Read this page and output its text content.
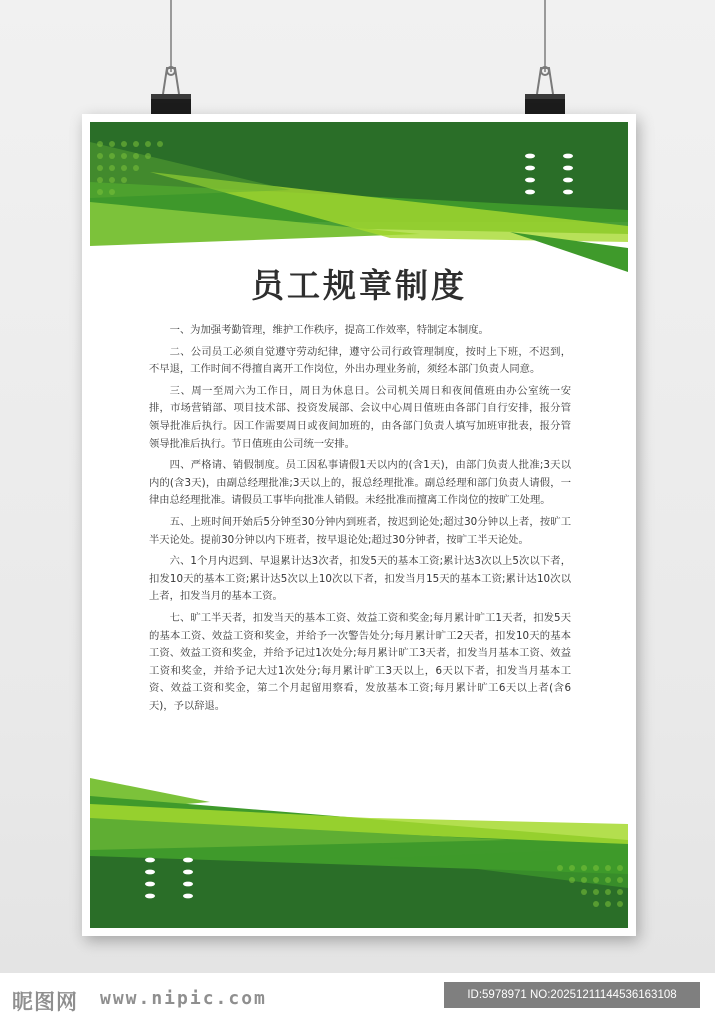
员工规章制度

一、为加强考勤管理，维护工作秩序，提高工作效率，特制定本制度。

二、公司员工必须自觉遵守劳动纪律，遵守公司行政管理制度，按时上下班，不迟到，不早退，工作时间不得擅自离开工作岗位，外出办理业务前，须经本部门负责人同意。

三、周一至周六为工作日，周日为休息日。公司机关周日和夜间值班由办公室统一安排，市场营销部、项目技术部、投资发展部、会议中心周日值班由各部门自行安排，报分管领导批准后执行。因工作需要周日或夜间加班的，由各部门负责人填写加班审批表，报分管领导批准后执行。节日值班由公司统一安排。

四、严格请、销假制度。员工因私事请假1天以内的(含1天)，由部门负责人批准;3天以内的(含3天)，由副总经理批准;3天以上的，报总经理批准。副总经理和部门负责人请假，一律由总经理批准。请假员工事毕向批准人销假。未经批准而擅离工作岗位的按旷工处理。

五、上班时间开始后5分钟至30分钟内到班者，按迟到论处;超过30分钟以上者，按旷工半天论处。提前30分钟以内下班者，按早退论处;超过30分钟者，按旷工半天论处。

六、1个月内迟到、早退累计达3次者，扣发5天的基本工资;累计达3次以上5次以下者，扣发10天的基本工资;累计达5次以上10次以下者，扣发当月15天的基本工资;累计达10次以上者，扣发当月的基本工资。

七、旷工半天者，扣发当天的基本工资、效益工资和奖金;每月累计旷工1天者，扣发5天的基本工资、效益工资和奖金，并给予一次警告处分;每月累计旷工2天者，扣发10天的基本工资、效益工资和奖金，并给予记过1次处分;每月累计旷工3天者，扣发当月基本工资、效益工资和奖金，并给予记大过1次处分;每月累计旷工3天以上，6天以下者，扣发当月基本工资、效益工资和奖金，第二个月起留用察看，发放基本工资;每月累计旷工6天以上者(含6天)，予以辞退。

昵图网 www.nipic.com	ID:5978971 NO:20251211144536163108
